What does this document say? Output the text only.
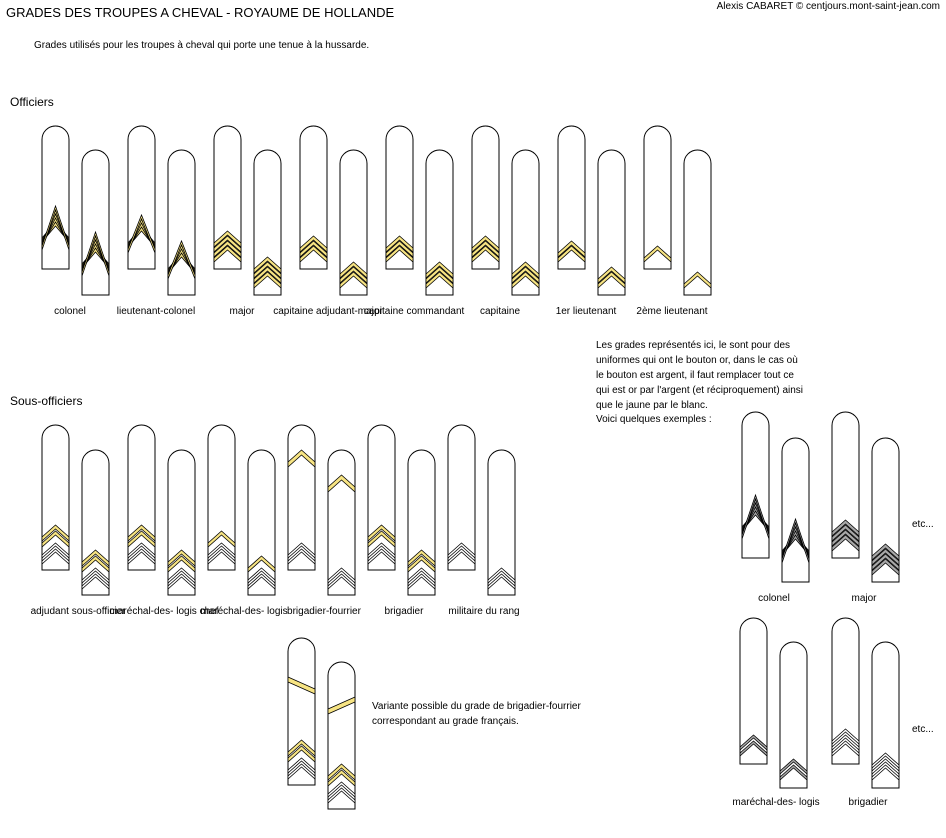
GRADES DES TROUPES A CHEVAL - ROYAUME DE HOLLANDE	Alexis CABARET © centjours.mont-saint-jean.com
Grades utilisés pour les troupes à cheval qui porte une tenue à la hussarde.
Officiers
Sous-officiers
Les grades représentés ici, le sont pour des
uniformes qui ont le bouton or, dans le cas où
le bouton est argent, il faut remplacer tout ce
qui est or par l'argent (et réciproquement) ainsi
que le jaune par le blanc.
Voici quelques exemples :
etc...
etc...
Variante possible du grade de brigadier-fourrier
correspondant au grade français.
colonel	lieutenant-colonel	major	capitaine adjudant-major
capitaine commandant	capitaine	1er lieutenant	2ème lieutenant
adjudant sous-officier
maréchal-des- logis chef
maréchal-des- logis brigadier-fourrier	brigadier	militaire du rang
colonel	major
maréchal-des- logis	brigadier
